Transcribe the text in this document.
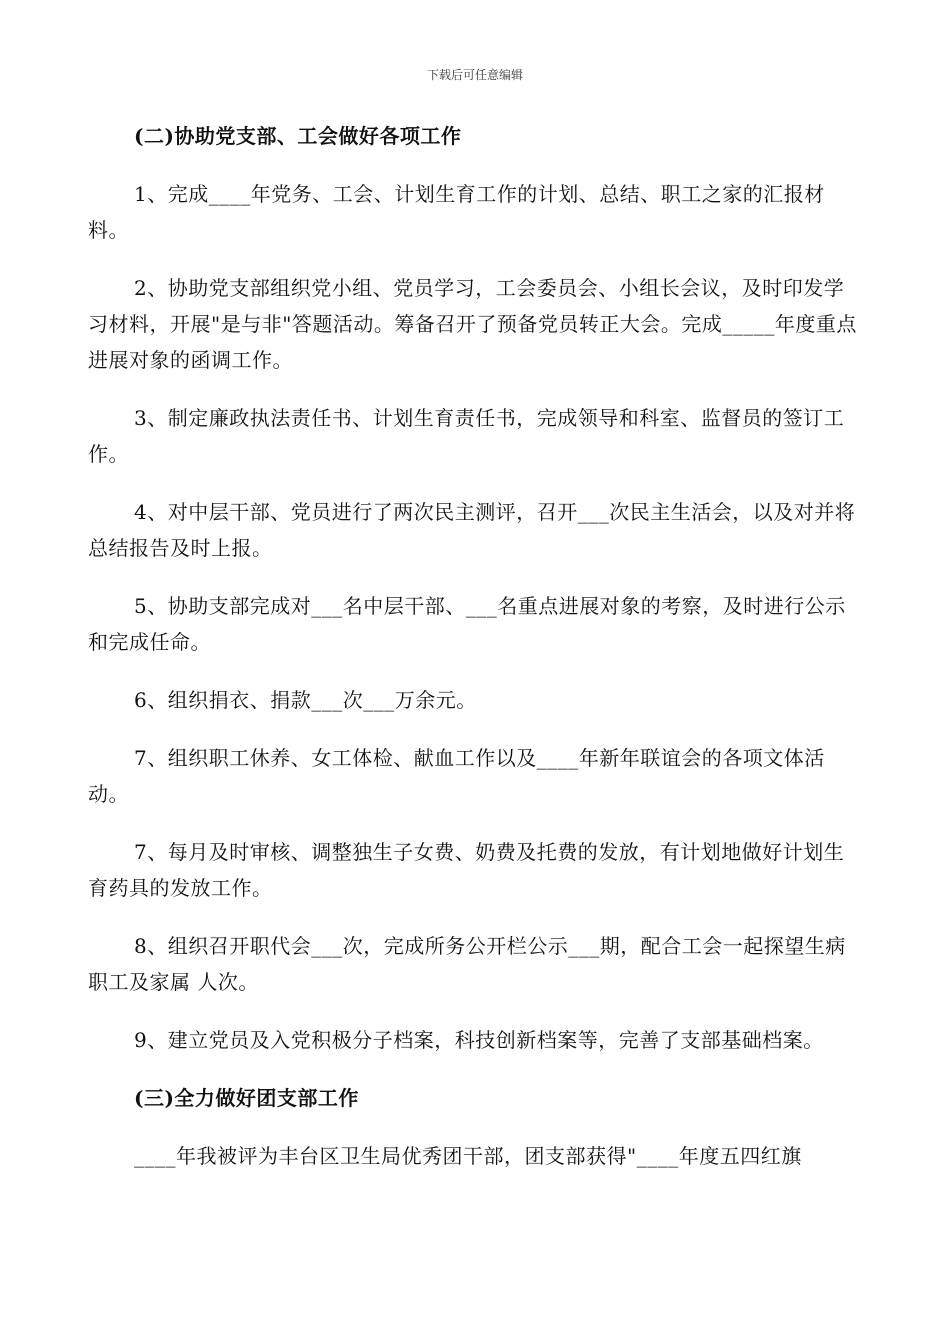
下载后可任意编辑

(二)协助党支部、工会做好各项工作

1、完成____年党务、工会、计划生育工作的计划、总结、职工之家的汇报材料。

2、协助党支部组织党小组、党员学习，工会委员会、小组长会议，及时印发学习材料，开展"是与非"答题活动。筹备召开了预备党员转正大会。完成_____年度重点进展对象的函调工作。

3、制定廉政执法责任书、计划生育责任书，完成领导和科室、监督员的签订工作。

4、对中层干部、党员进行了两次民主测评，召开___次民主生活会，以及对并将总结报告及时上报。

5、协助支部完成对___名中层干部、___名重点进展对象的考察，及时进行公示和完成任命。

6、组织捐衣、捐款___次___万余元。

7、组织职工休养、女工体检、献血工作以及____年新年联谊会的各项文体活动。

7、每月及时审核、调整独生子女费、奶费及托费的发放，有计划地做好计划生育药具的发放工作。

8、组织召开职代会___次，完成所务公开栏公示___期，配合工会一起探望生病职工及家属 人次。

9、建立党员及入党积极分子档案，科技创新档案等，完善了支部基础档案。

(三)全力做好团支部工作

____年我被评为丰台区卫生局优秀团干部，团支部获得"____年度五四红旗
